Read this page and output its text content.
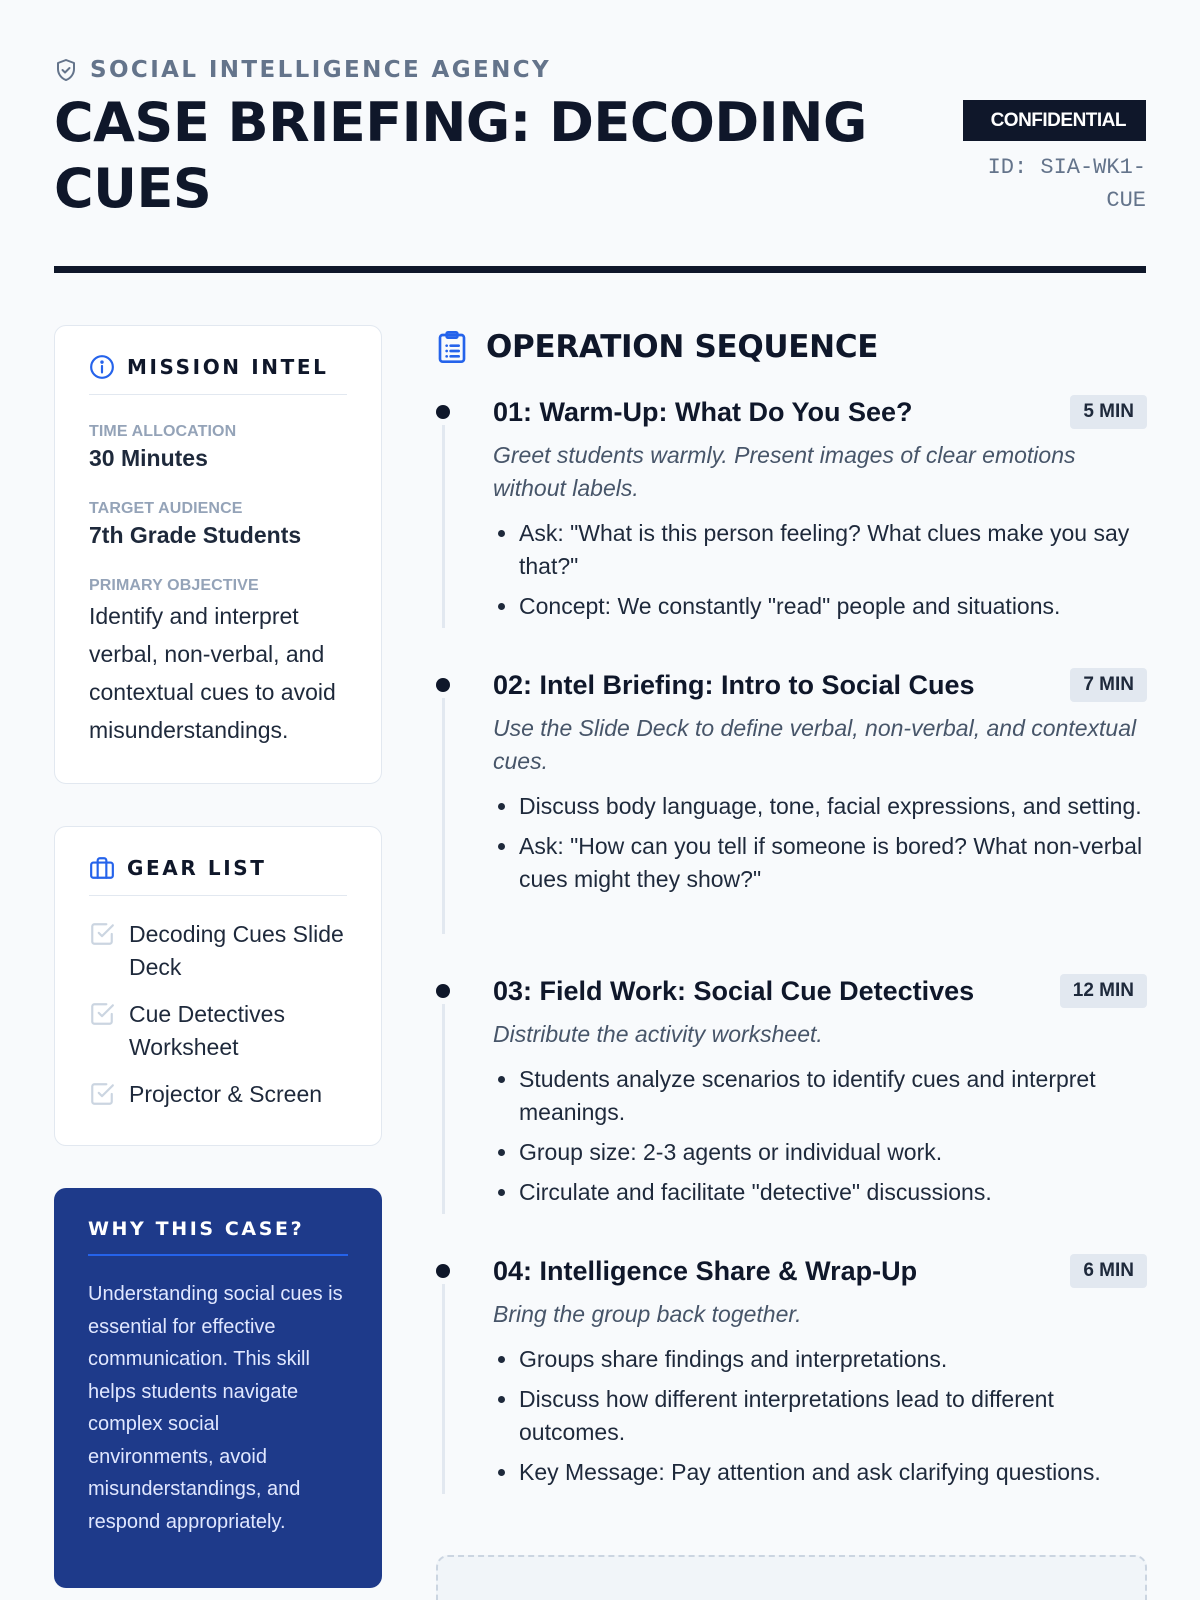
SOCIAL INTELLIGENCE AGENCY
CASE BRIEFING: DECODING
CUES
CONFIDENTIAL
ID: SIA-WK1-
CUE
MISSION INTEL
TIME ALLOCATION
30 Minutes
TARGET AUDIENCE
7th Grade Students
PRIMARY OBJECTIVE
Identify and interpret verbal, non-verbal, and contextual cues to avoid misunderstandings.
GEAR LIST
Decoding Cues Slide Deck
Cue Detectives Worksheet
Projector & Screen
WHY THIS CASE?

Understanding social cues is essential for effective communication. This skill helps students navigate complex social environments, avoid misunderstandings, and respond appropriately.

OPERATION SEQUENCE
01: Warm-Up: What Do You See?	5 MIN

Greet students warmly. Present images of clear emotions without labels.

• Ask: "What is this person feeling? What clues make you say that?"
• Concept: We constantly "read" people and situations.
02: Intel Briefing: Intro to Social Cues	7 MIN

Use the Slide Deck to define verbal, non-verbal, and contextual cues.

• Discuss body language, tone, facial expressions, and setting.
• Ask: "How can you tell if someone is bored? What non-verbal cues might they show?"
03: Field Work: Social Cue Detectives	12 MIN

Distribute the activity worksheet.

• Students analyze scenarios to identify cues and interpret meanings.
• Group size: 2-3 agents or individual work.
• Circulate and facilitate "detective" discussions.
04: Intelligence Share & Wrap-Up	6 MIN

Bring the group back together.

• Groups share findings and interpretations.
• Discuss how different interpretations lead to different outcomes.
• Key Message: Pay attention and ask clarifying questions.
